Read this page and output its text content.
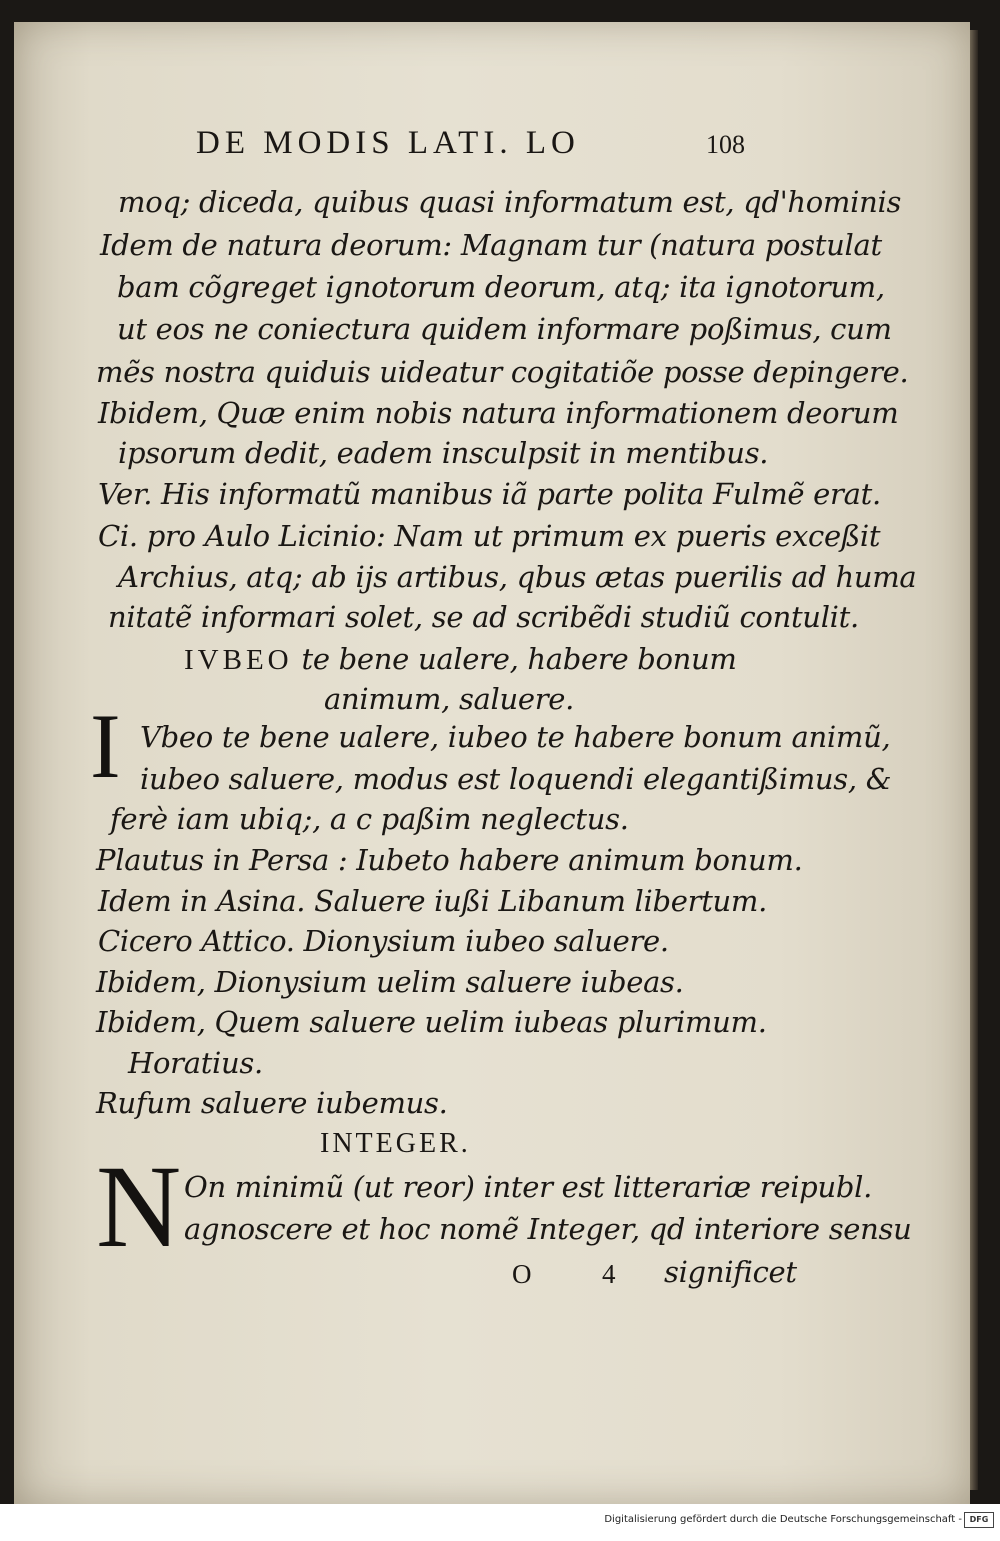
DE MODIS LATI. LO	108
moq; diceda, quibus quasi informatum est, qd'hominis
Idem de natura deorum: Magnam tur (natura postulat
bam cõgreget ignotorum deorum, atq; ita ignotorum,
ut eos ne coniectura quidem informare poßimus, cum
mẽs nostra quiduis uideatur cogitatiõe posse depingere.
Ibidem, Quæ enim nobis natura informationem deorum
ipsorum dedit, eadem insculpsit in mentibus.
Ver. His informatũ manibus iã parte polita Fulmẽ erat.
Ci. pro Aulo Licinio: Nam ut primum ex pueris exceßit
Archius, atq; ab ijs artibus, qbus ætas puerilis ad huma
nitatẽ informari solet, se ad scribẽdi studiũ contulit.
IVBEO te bene ualere, habere bonum
animum, saluere.
I Vbeo te bene ualere, iubeo te habere bonum animũ,
iubeo saluere, modus est loquendi elegantißimus, &
ferè iam ubiq;, a c paßim neglectus.
Plautus in Persa : Iubeto habere animum bonum.
Idem in Asina. Saluere iußi Libanum libertum.
Cicero Attico. Dionysium iubeo saluere.
Ibidem, Dionysium uelim saluere iubeas.
Ibidem, Quem saluere uelim iubeas plurimum.
Horatius.
Rufum saluere iubemus.
INTEGER.
N On minimũ (ut reor) inter est litterariæ reipubl.
agnoscere et hoc nomẽ Integer, qd interiore sensu
O	4 significet
Digitalisierung gefördert durch die Deutsche Forschungsgemeinschaft - DFG
